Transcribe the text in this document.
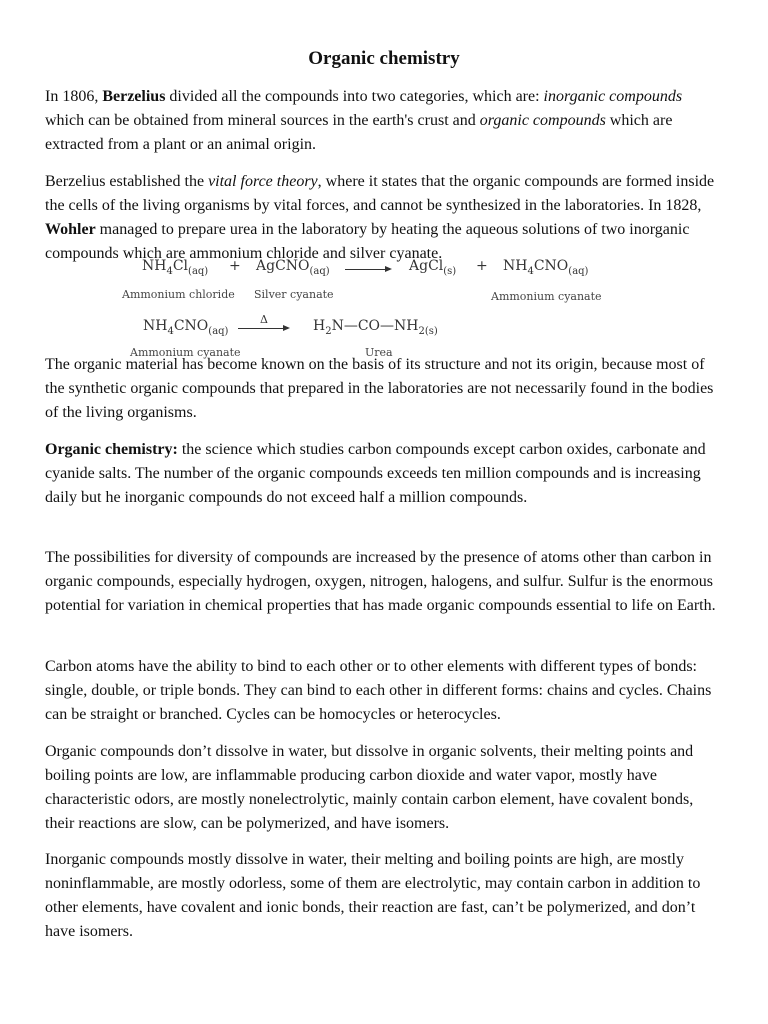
Organic chemistry

In 1806, Berzelius divided all the compounds into two categories, which are: inorganic compounds which can be obtained from mineral sources in the earth's crust and organic compounds which are extracted from a plant or an animal origin.

Berzelius established the vital force theory, where it states that the organic compounds are formed inside the cells of the living organisms by vital forces, and cannot be synthesized in the laboratories. In 1828, Wohler managed to prepare urea in the laboratory by heating the aqueous solutions of two inorganic compounds which are ammonium chloride and silver cyanate.

$NH_4Cl_{(aq)}$ + AgCNO$_{(aq)}$ → AgCl$_{(s)}$ + $NH_4CNO_{(aq)}$
Ammonium chloride Silver cyanate	Ammonium cyanate
$NH_4CNO_{(aq)}$
Δ	$H_2N—CO—NH_{2(s)}$
Ammonium cyanate	Urea

The organic material has become known on the basis of its structure and not its origin, because most of the synthetic organic compounds that prepared in the laboratories are not necessarily found in the bodies of the living organisms.

Organic chemistry: the science which studies carbon compounds except carbon oxides, carbonate and cyanide salts. The number of the organic compounds exceeds ten million compounds and is increasing daily but he inorganic compounds do not exceed half a million compounds.

The possibilities for diversity of compounds are increased by the presence of atoms other than carbon in organic compounds, especially hydrogen, oxygen, nitrogen, halogens, and sulfur. Sulfur is the enormous potential for variation in chemical properties that has made organic compounds essential to life on Earth.

Carbon atoms have the ability to bind to each other or to other elements with different types of bonds: single, double, or triple bonds. They can bind to each other in different forms: chains and cycles. Chains can be straight or branched. Cycles can be homocycles or heterocycles.

Organic compounds don’t dissolve in water, but dissolve in organic solvents, their melting points and boiling points are low, are inflammable producing carbon dioxide and water vapor, mostly have characteristic odors, are mostly nonelectrolytic, mainly contain carbon element, have covalent bonds, their reactions are slow, can be polymerized, and have isomers.

Inorganic compounds mostly dissolve in water, their melting and boiling points are high, are mostly noninflammable, are mostly odorless, some of them are electrolytic, may contain carbon in addition to other elements, have covalent and ionic bonds, their reaction are fast, can’t be polymerized, and don’t have isomers.
